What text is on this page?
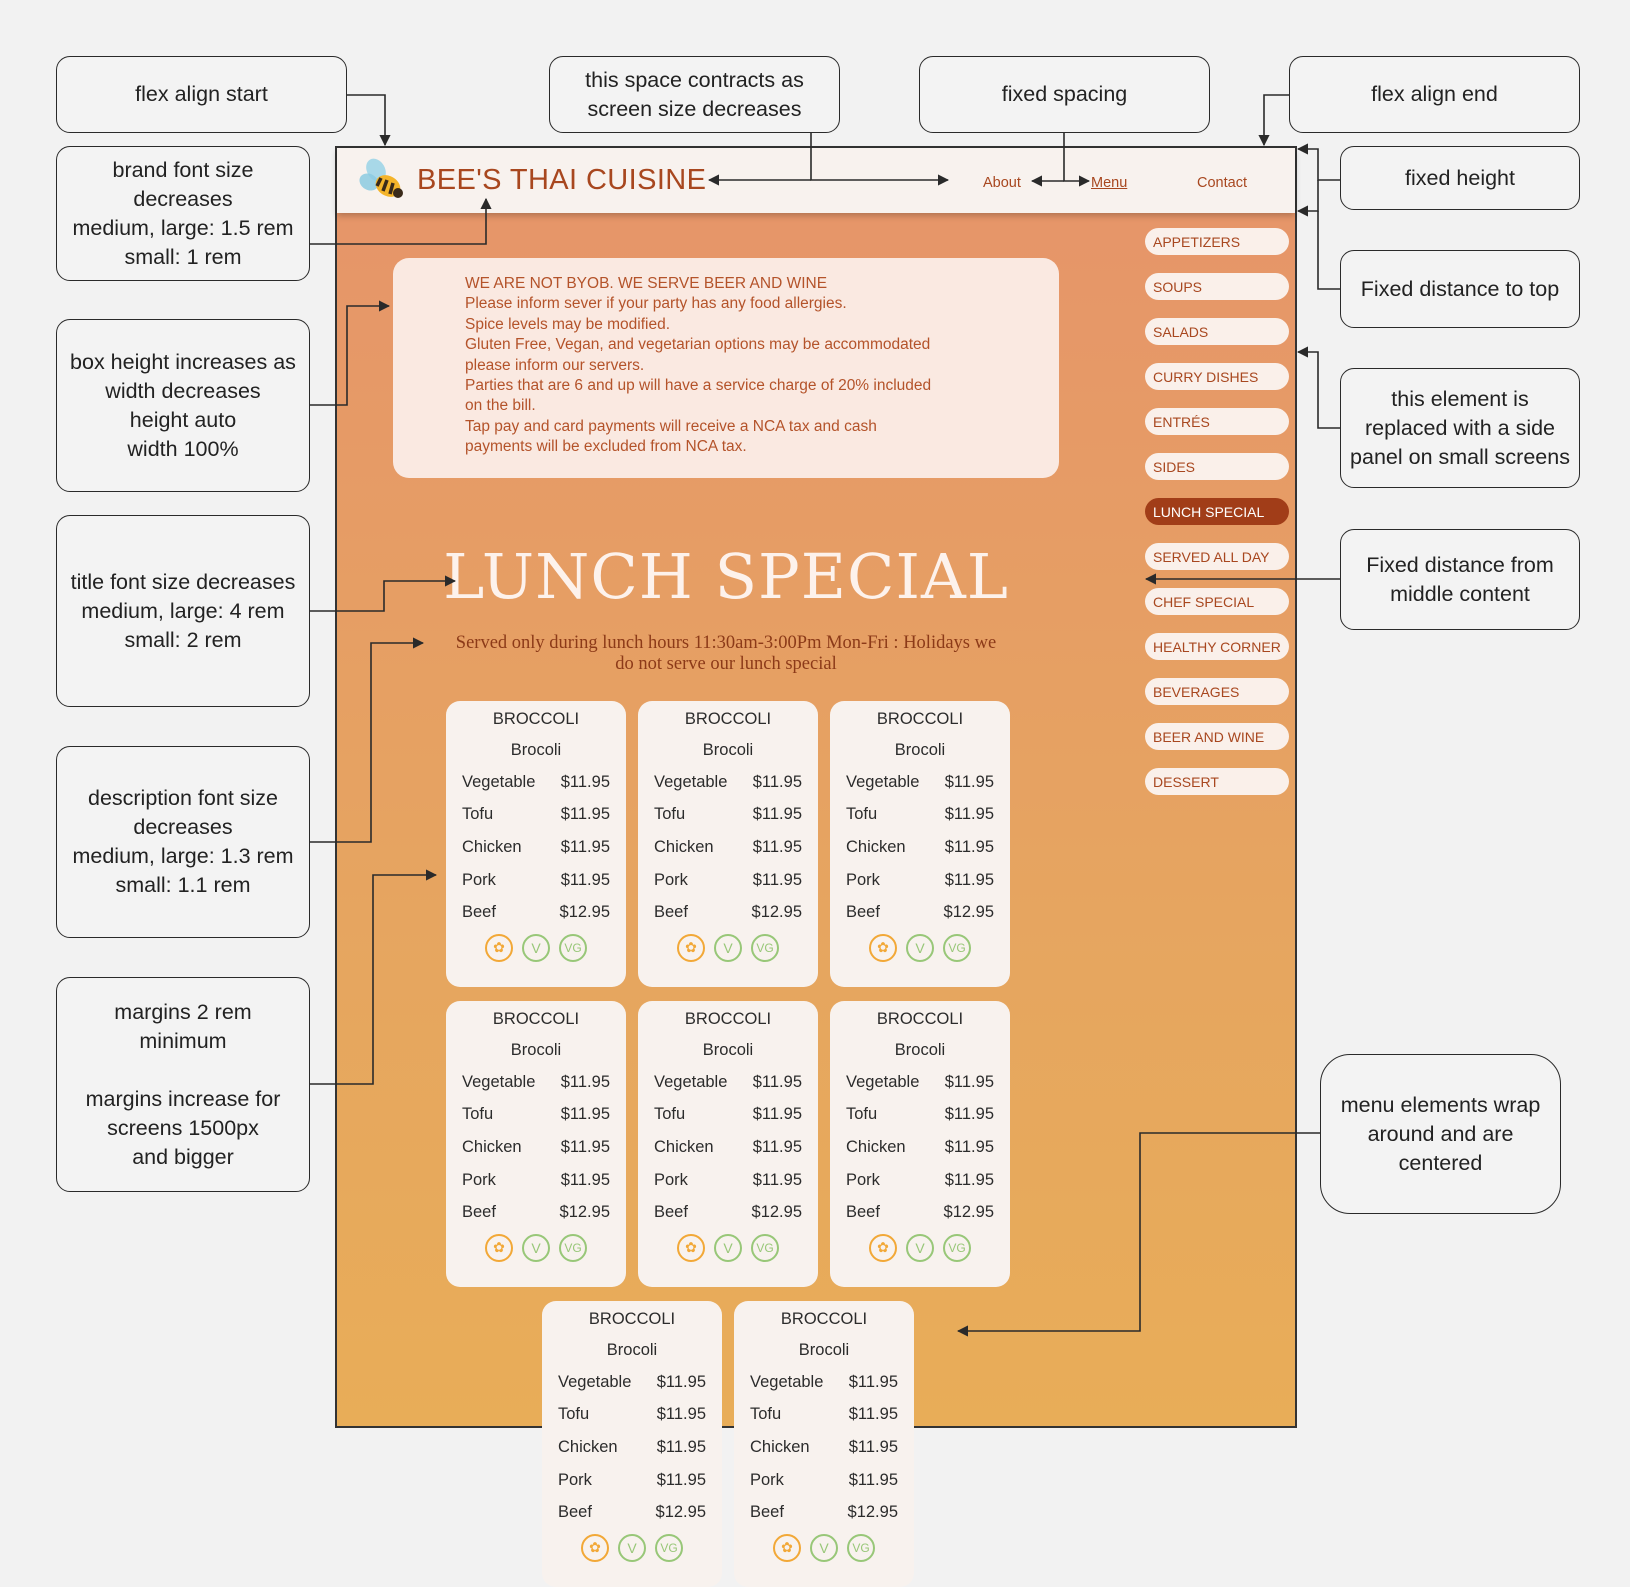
flex align start
this space contracts as
screen size decreases
fixed spacing	flex align end
brand font size
decreases
medium, large: 1.5 rem
small: 1 rem
fixed height
Fixed distance to top
box height increases as
width decreases
height auto
width 100%
this element is
replaced with a side
panel on small screens
title font size decreases
medium, large: 4 rem
small: 2 rem
Fixed distance from
middle content
description font size
decreases
medium, large: 1.3 rem
small: 1.1 rem
margins 2 rem
minimum
margins increase for
screens 1500px
and bigger
menu elements wrap
around and are
centered
BEE'S THAI CUISINE	About	Menu	Contact
WE ARE NOT BYOB. WE SERVE BEER AND WINE
Please inform sever if your party has any food allergies.
Spice levels may be modified.
Gluten Free, Vegan, and vegetarian options may be accommodated
please inform our servers.
Parties that are 6 and up will have a service charge of 20% included
on the bill.
Tap pay and card payments will receive a NCA tax and cash
payments will be excluded from NCA tax.
LUNCH SPECIAL
Served only during lunch hours 11:30am-3:00Pm Mon-Fri : Holidays we
do not serve our lunch special
BROCCOLI
Brocoli
Vegetable $11.95
Tofu	$11.95
Chicken $11.95
Pork	$11.95
Beef	$12.95
✿	V	VG
BROCCOLI
Brocoli
Vegetable $11.95
Tofu	$11.95
Chicken $11.95
Pork	$11.95
Beef	$12.95
✿	V	VG
BROCCOLI
Brocoli
Vegetable $11.95
Tofu	$11.95
Chicken $11.95
Pork	$11.95
Beef	$12.95
✿	V	VG
BROCCOLI
Brocoli
Vegetable $11.95
Tofu	$11.95
Chicken $11.95
Pork	$11.95
Beef	$12.95
✿	V	VG
BROCCOLI
Brocoli
Vegetable $11.95
Tofu	$11.95
Chicken $11.95
Pork	$11.95
Beef	$12.95
✿	V	VG
BROCCOLI
Brocoli
Vegetable $11.95
Tofu	$11.95
Chicken $11.95
Pork	$11.95
Beef	$12.95
✿	V	VG
BROCCOLI
Brocoli
Vegetable $11.95
Tofu	$11.95
Chicken $11.95
Pork	$11.95
Beef	$12.95
✿	V	VG
BROCCOLI
Brocoli
Vegetable $11.95
Tofu	$11.95
Chicken $11.95
Pork	$11.95
Beef	$12.95
✿	V	VG
APPETIZERS
SOUPS
SALADS
CURRY DISHES
ENTRÉS
SIDES
LUNCH SPECIAL
SERVED ALL DAY
CHEF SPECIAL
HEALTHY CORNER
BEVERAGES
BEER AND WINE
DESSERT
